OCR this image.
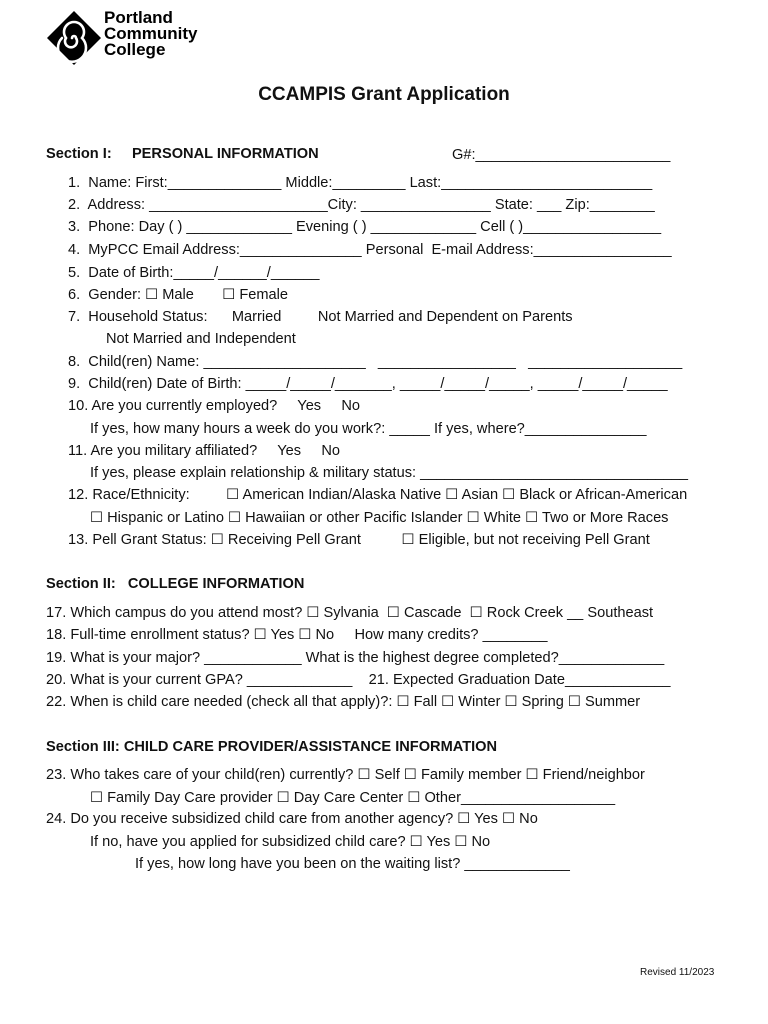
Portland
Community
College
CCAMPIS Grant Application
Section I:     PERSONAL INFORMATION	G#:________________________
1.  Name: First:______________ Middle:_________ Last:__________________________
2.  Address: ______________________City: ________________ State: ___ Zip:________
3.  Phone: Day ( ) _____________ Evening ( ) _____________ Cell ( )_________________
4.  MyPCC Email Address:_______________ Personal  E-mail Address:_________________
5.  Date of Birth:_____/______/______
6.  Gender: ☐ Male       ☐ Female
7.  Household Status:      Married         Not Married and Dependent on Parents
Not Married and Independent
8.  Child(ren) Name: ____________________   _________________   ___________________
9.  Child(ren) Date of Birth: _____/_____/_______, _____/_____/_____, _____/_____/_____
10. Are you currently employed?     Yes     No
If yes, how many hours a week do you work?: _____ If yes, where?_______________
11. Are you military affiliated?     Yes     No
If yes, please explain relationship & military status: _________________________________
12. Race/Ethnicity:         ☐ American Indian/Alaska Native ☐ Asian ☐ Black or African-American
☐ Hispanic or Latino ☐ Hawaiian or other Pacific Islander ☐ White ☐ Two or More Races
13. Pell Grant Status: ☐ Receiving Pell Grant          ☐ Eligible, but not receiving Pell Grant
Section II:   COLLEGE INFORMATION
17. Which campus do you attend most? ☐ Sylvania  ☐ Cascade  ☐ Rock Creek __ Southeast
18. Full-time enrollment status? ☐ Yes ☐ No     How many credits? ________
19. What is your major? ____________ What is the highest degree completed?_____________
20. What is your current GPA? _____________    21. Expected Graduation Date_____________
22. When is child care needed (check all that apply)?: ☐ Fall ☐ Winter ☐ Spring ☐ Summer
Section III: CHILD CARE PROVIDER/ASSISTANCE INFORMATION
23. Who takes care of your child(ren) currently? ☐ Self ☐ Family member ☐ Friend/neighbor
☐ Family Day Care provider ☐ Day Care Center ☐ Other___________________
24. Do you receive subsidized child care from another agency? ☐ Yes ☐ No
If no, have you applied for subsidized child care? ☐ Yes ☐ No
If yes, how long have you been on the waiting list? _____________
Revised 11/2023
